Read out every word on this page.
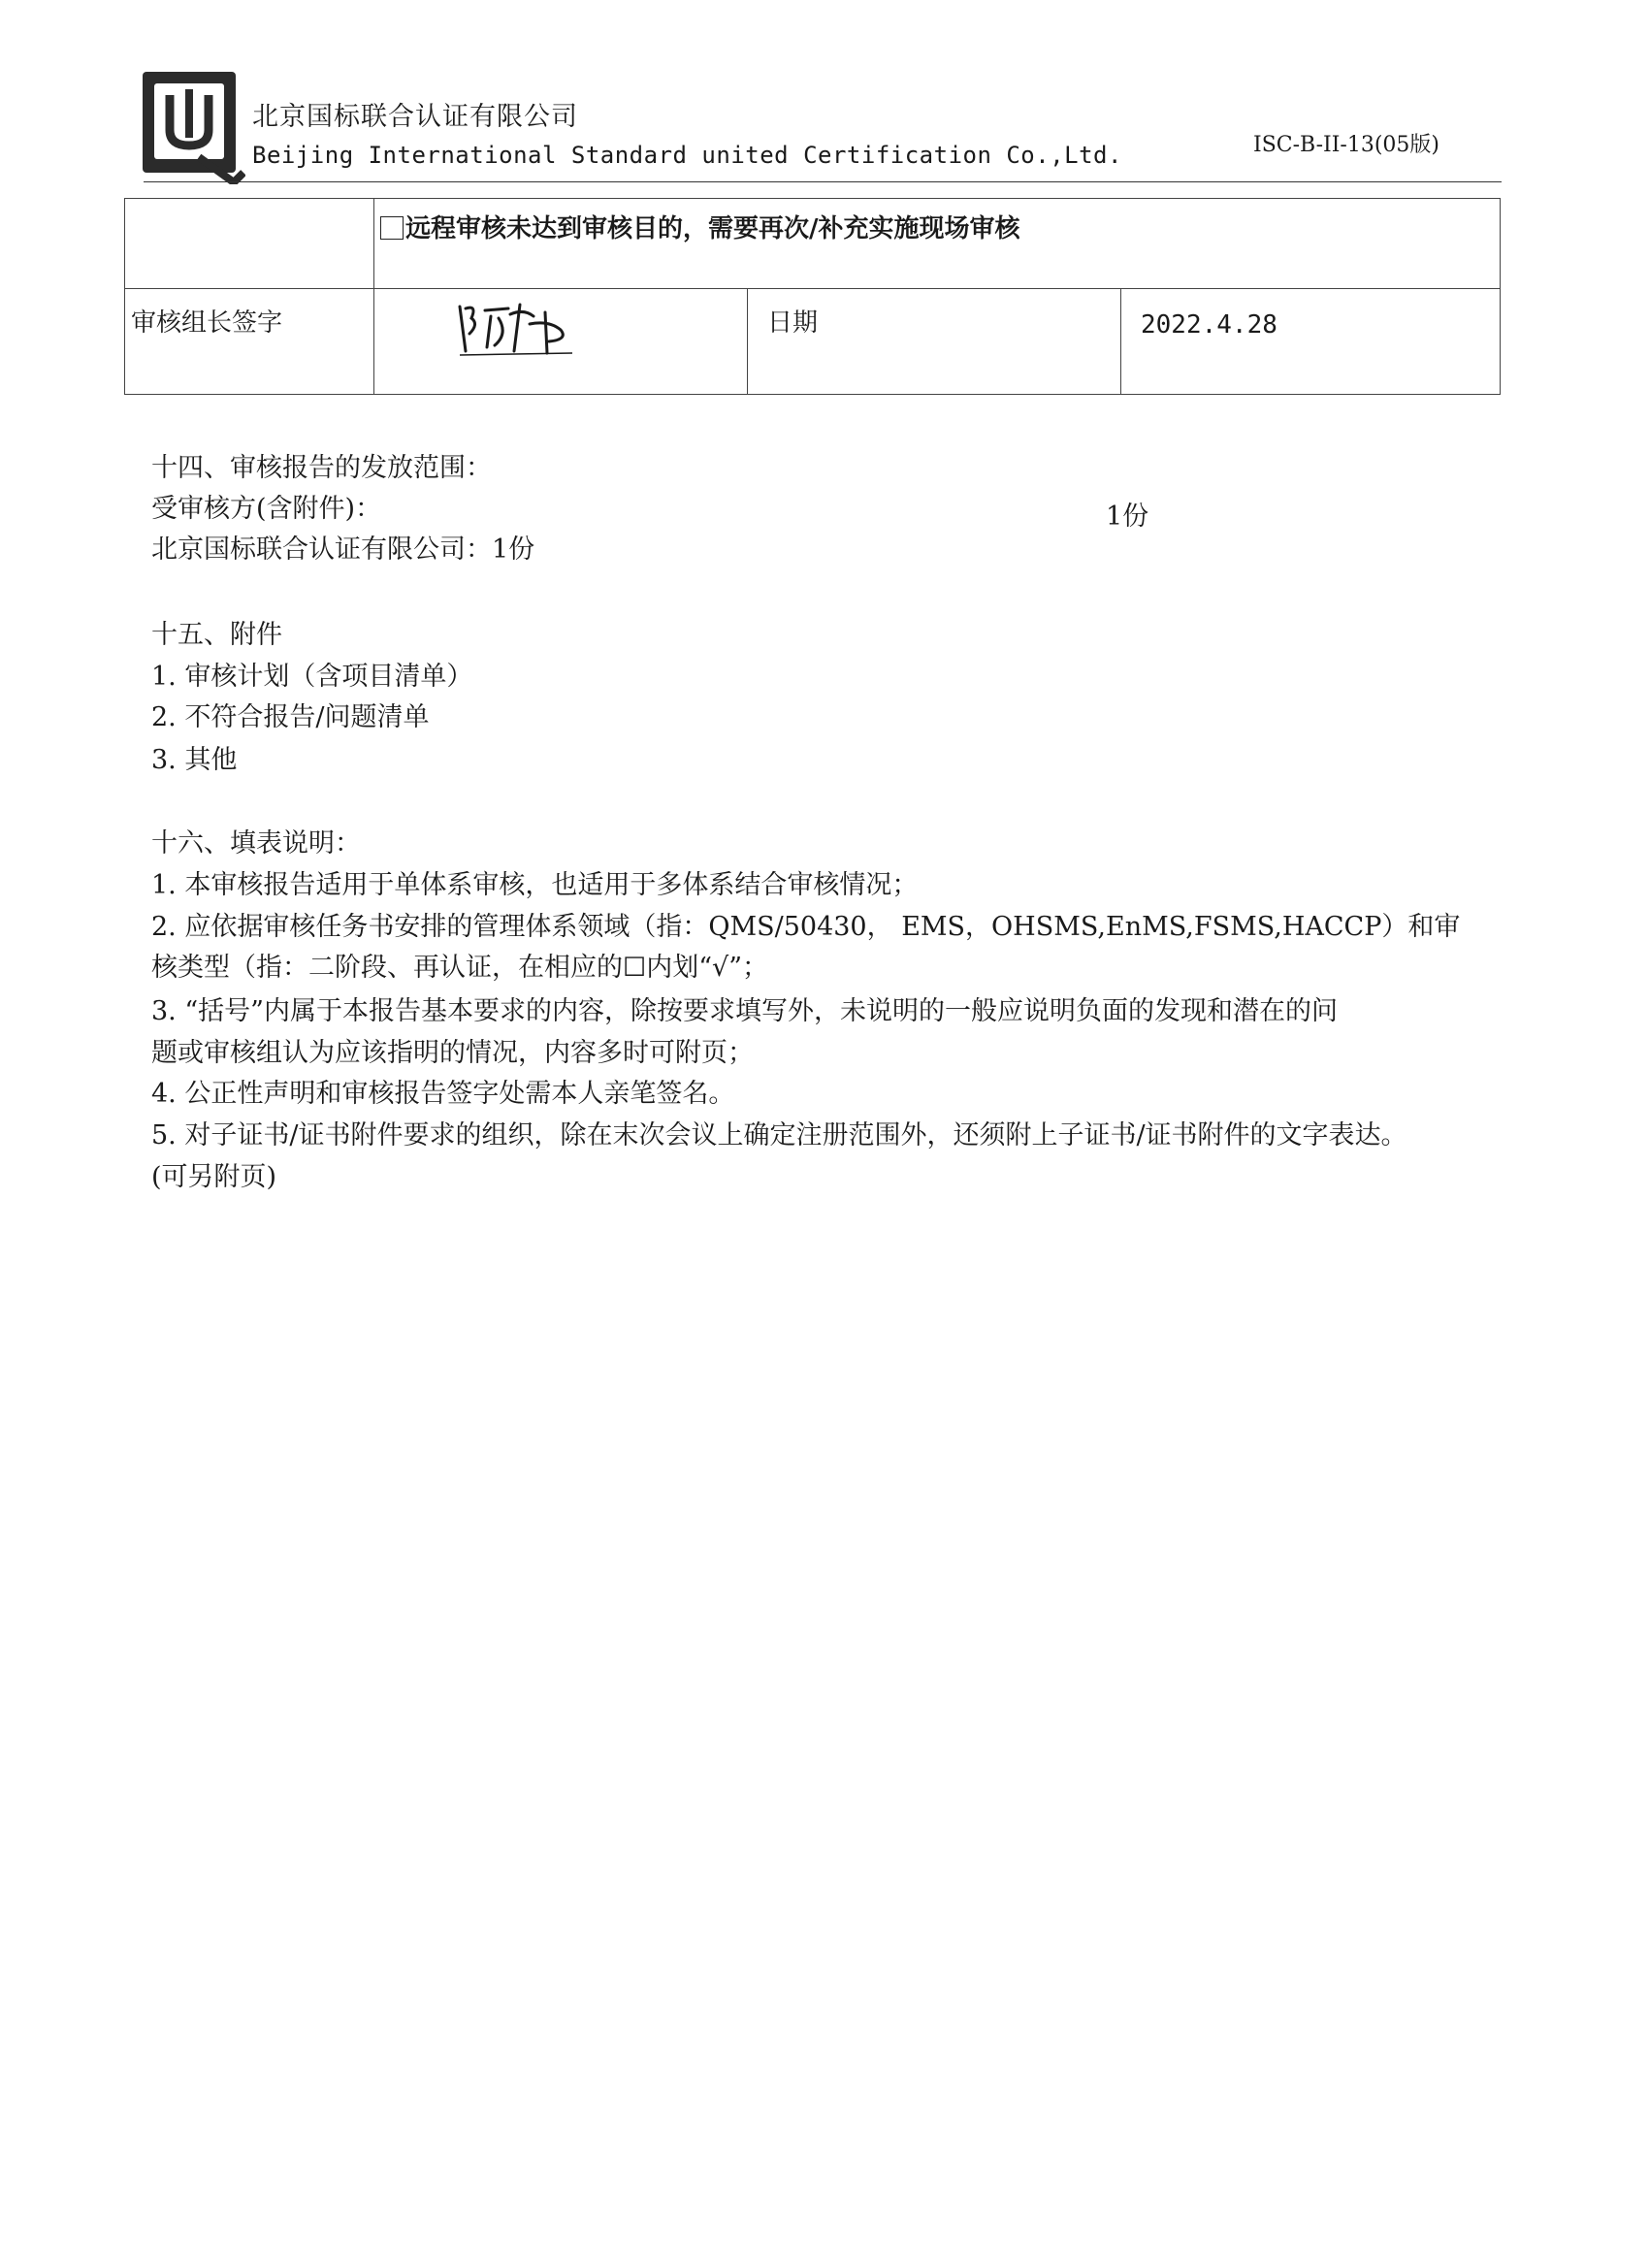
北京国标联合认证有限公司
Beijing International Standard united Certification Co.,Ltd.	ISC-B-II-13(05版)
	远程审核未达到审核目的，需要再次/补充实施现场审核		
审核组长签字		日期	2022.4.28
十四、审核报告的发放范围：
受审核方(含附件)：	1份
北京国标联合认证有限公司：1份
十五、附件
1. 审核计划（含项目清单）
2. 不符合报告/问题清单
3. 其他
十六、填表说明：
1. 本审核报告适用于单体系审核，也适用于多体系结合审核情况；
2. 应依据审核任务书安排的管理体系领域（指：QMS/50430， EMS，OHSMS,EnMS,FSMS,HACCP）和审
核类型（指：二阶段、再认证，在相应的☐内划“√”；
3. “括号”内属于本报告基本要求的内容，除按要求填写外，未说明的一般应说明负面的发现和潜在的问
题或审核组认为应该指明的情况，内容多时可附页；
4. 公正性声明和审核报告签字处需本人亲笔签名。
5. 对子证书/证书附件要求的组织，除在末次会议上确定注册范围外，还须附上子证书/证书附件的文字表达。
(可另附页)
